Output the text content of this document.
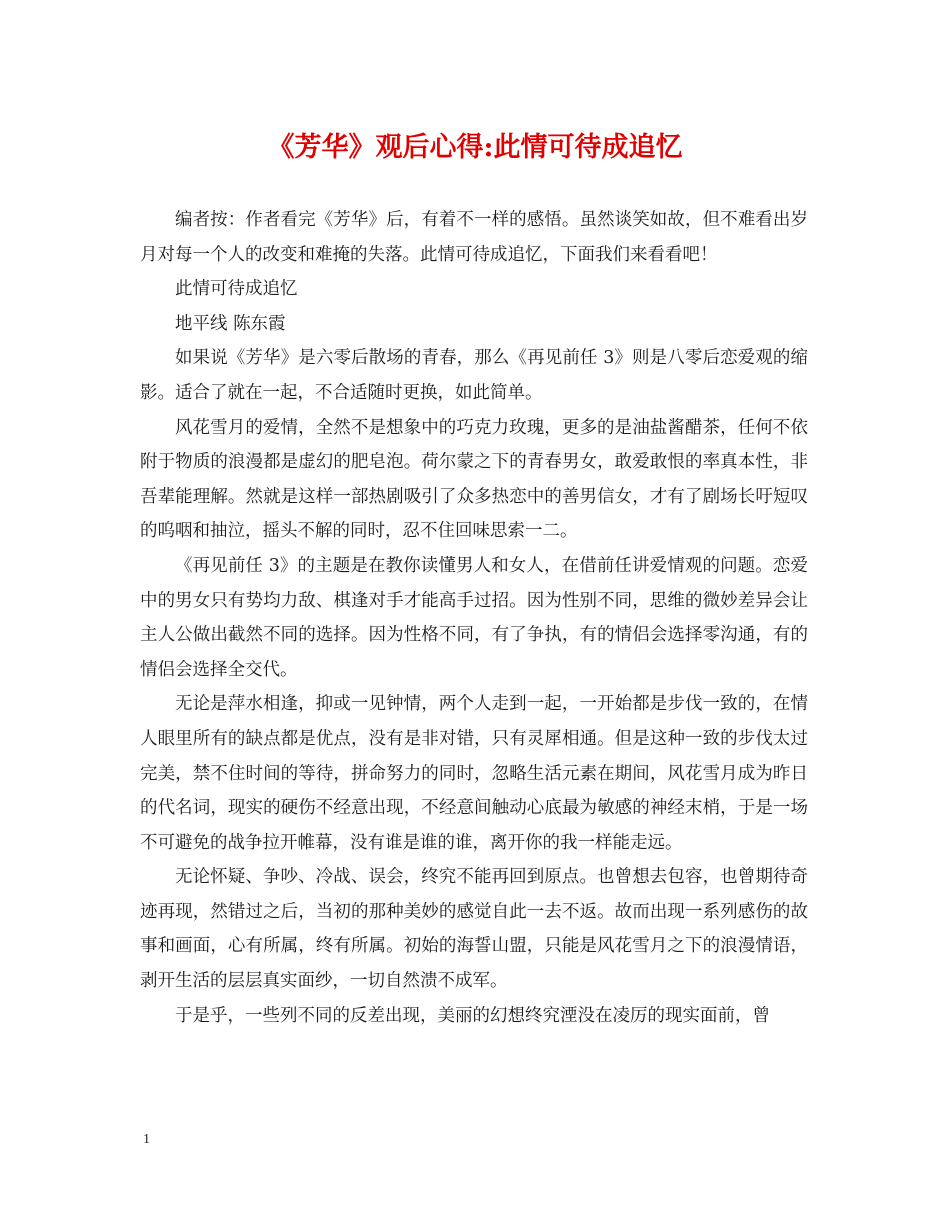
《芳华》观后心得:此情可待成追忆

编者按：作者看完《芳华》后，有着不一样的感悟。虽然谈笑如故，但不难看出岁月对每一个人的改变和难掩的失落。此情可待成追忆，下面我们来看看吧！

此情可待成追忆

地平线 陈东霞

如果说《芳华》是六零后散场的青春，那么《再见前任 3》则是八零后恋爱观的缩影。适合了就在一起，不合适随时更换，如此简单。

风花雪月的爱情，全然不是想象中的巧克力玫瑰，更多的是油盐酱醋茶，任何不依附于物质的浪漫都是虚幻的肥皂泡。荷尔蒙之下的青春男女，敢爱敢恨的率真本性，非吾辈能理解。然就是这样一部热剧吸引了众多热恋中的善男信女，才有了剧场长吁短叹的呜咽和抽泣，摇头不解的同时，忍不住回味思索一二。

《再见前任 3》的主题是在教你读懂男人和女人，在借前任讲爱情观的问题。恋爱中的男女只有势均力敌、棋逢对手才能高手过招。因为性别不同，思维的微妙差异会让主人公做出截然不同的选择。因为性格不同，有了争执，有的情侣会选择零沟通，有的情侣会选择全交代。

无论是萍水相逢，抑或一见钟情，两个人走到一起，一开始都是步伐一致的，在情人眼里所有的缺点都是优点，没有是非对错，只有灵犀相通。但是这种一致的步伐太过完美，禁不住时间的等待，拼命努力的同时，忽略生活元素在期间，风花雪月成为昨日的代名词，现实的硬伤不经意出现，不经意间触动心底最为敏感的神经末梢，于是一场不可避免的战争拉开帷幕，没有谁是谁的谁，离开你的我一样能走远。

无论怀疑、争吵、冷战、误会，终究不能再回到原点。也曾想去包容，也曾期待奇迹再现，然错过之后，当初的那种美妙的感觉自此一去不返。故而出现一系列感伤的故事和画面，心有所属，终有所属。初始的海誓山盟，只能是风花雪月之下的浪漫情语，剥开生活的层层真实面纱，一切自然溃不成军。

于是乎，一些列不同的反差出现，美丽的幻想终究湮没在凌厉的现实面前，曾

1
